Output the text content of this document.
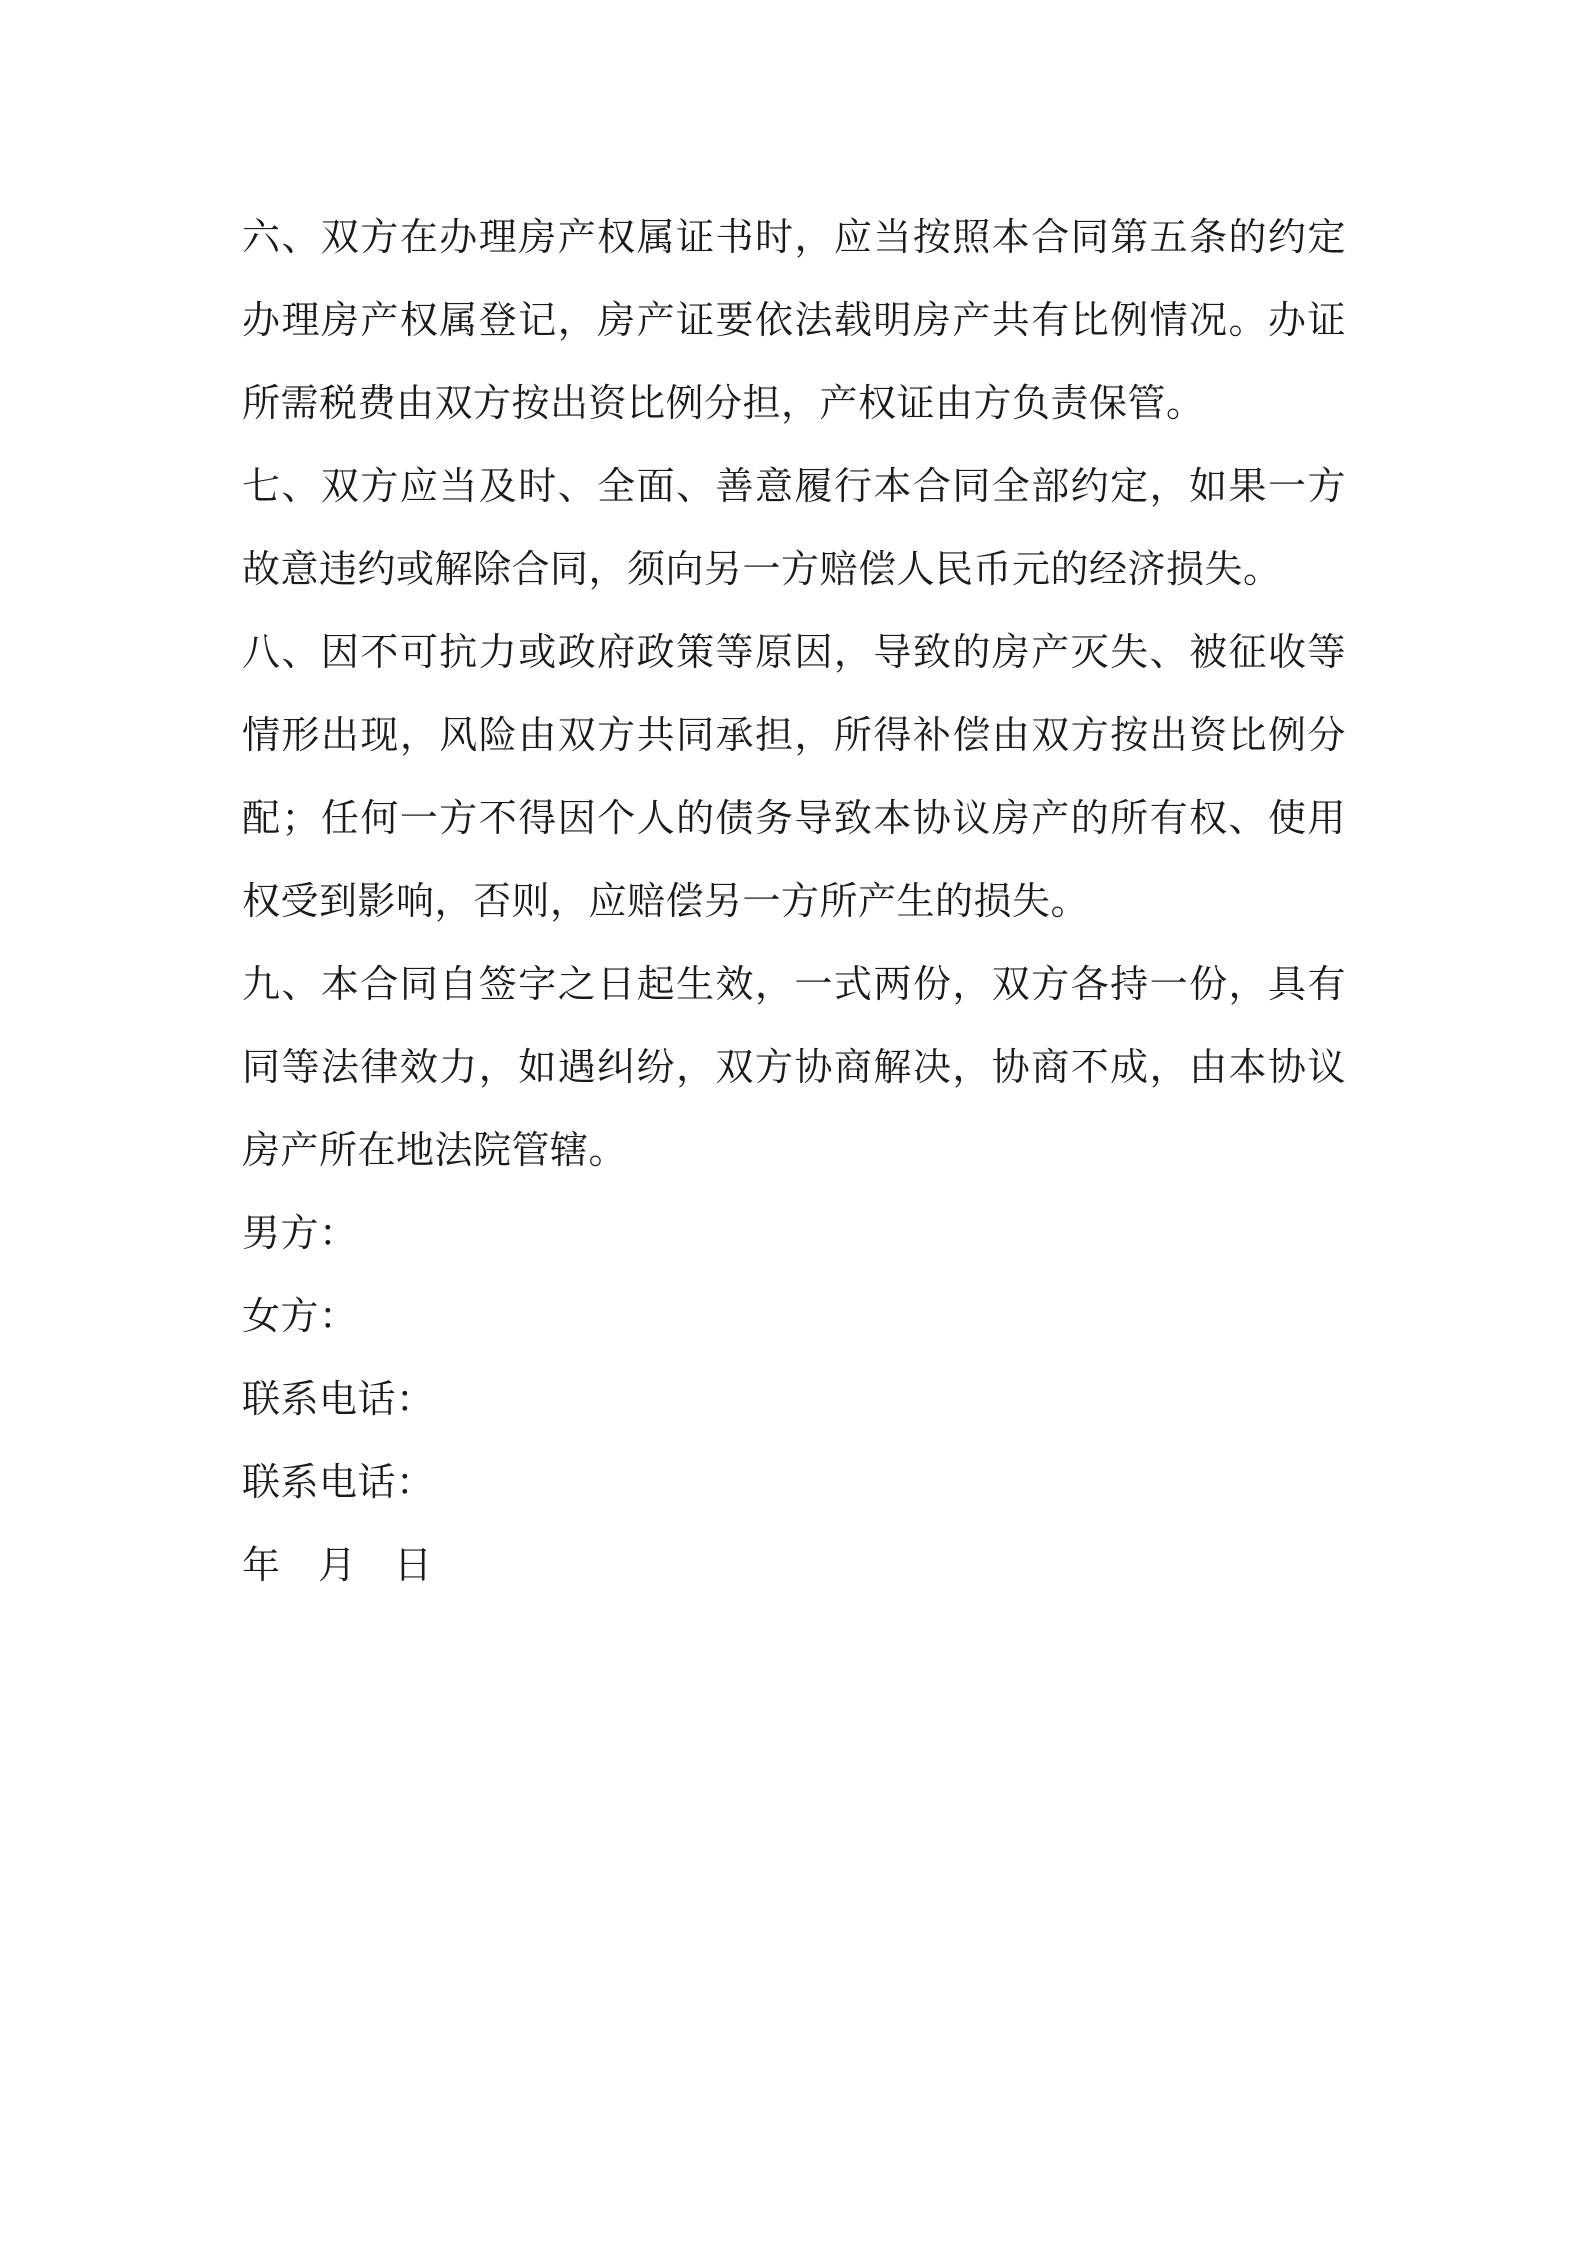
六、双方在办理房产权属证书时，应当按照本合同第五条的约定办理房产权属登记，房产证要依法载明房产共有比例情况。办证所需税费由双方按出资比例分担，产权证由方负责保管。

七、双方应当及时、全面、善意履行本合同全部约定，如果一方故意违约或解除合同，须向另一方赔偿人民币元的经济损失。

八、因不可抗力或政府政策等原因，导致的房产灭失、被征收等情形出现，风险由双方共同承担，所得补偿由双方按出资比例分配；任何一方不得因个人的债务导致本协议房产的所有权、使用权受到影响，否则，应赔偿另一方所产生的损失。

九、本合同自签字之日起生效，一式两份，双方各持一份，具有同等法律效力，如遇纠纷，双方协商解决，协商不成，由本协议房产所在地法院管辖。

男方：

女方：

联系电话：

联系电话：

年 月 日
